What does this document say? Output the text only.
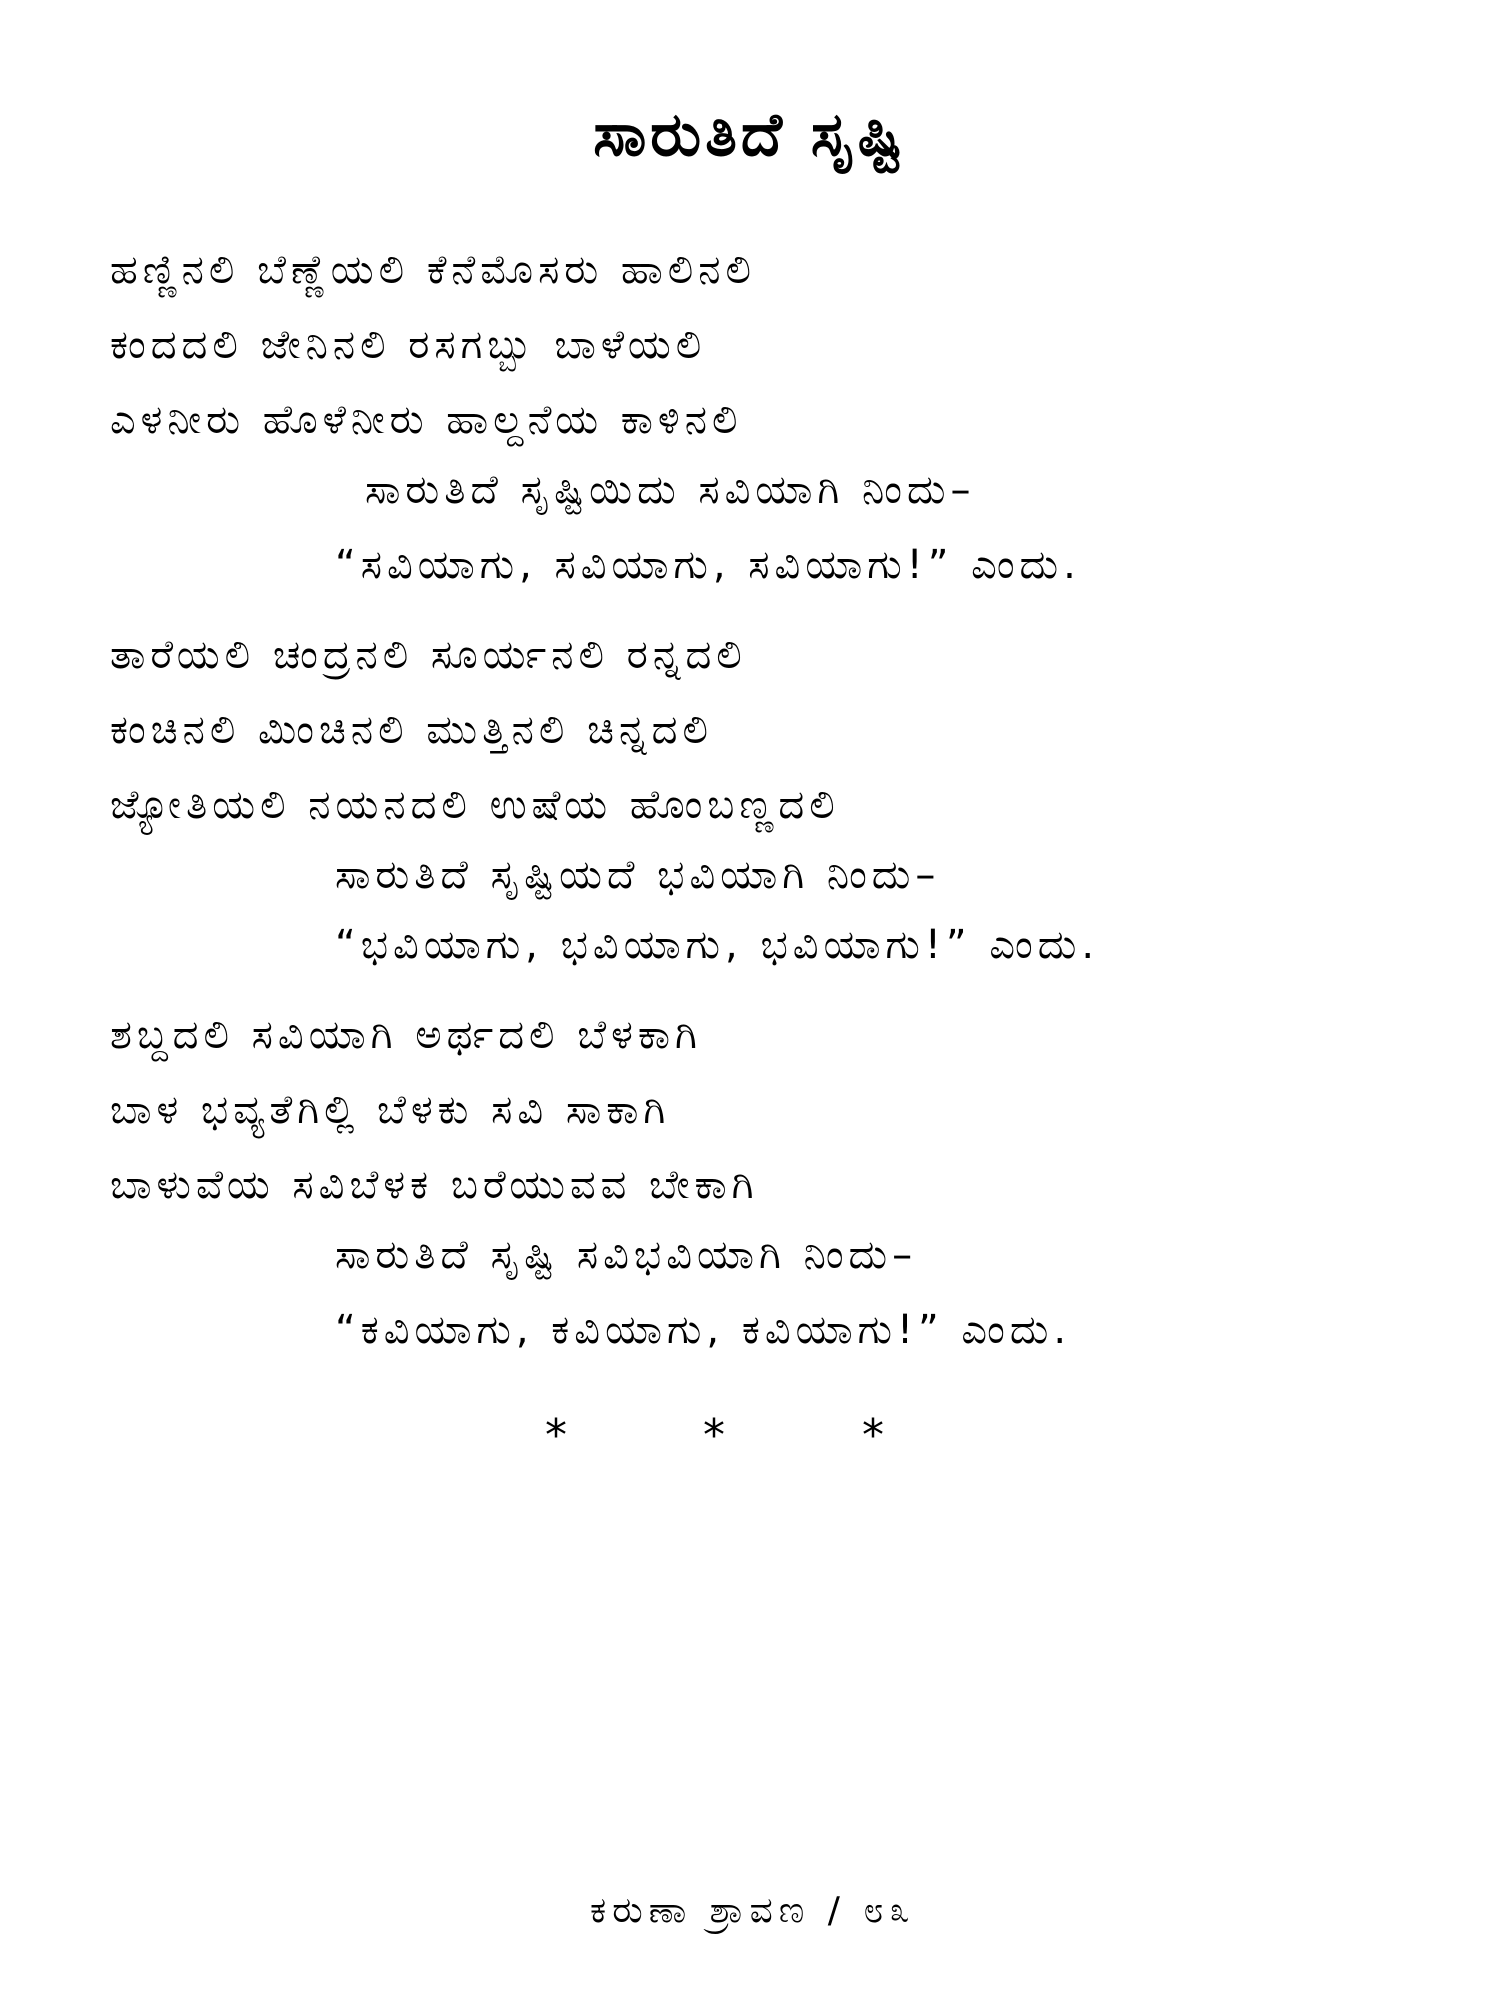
ಸಾರುತಿದೆ ಸೃಷ್ಟಿ
ಹಣ್ಣಿನಲಿ ಬೆಣ್ಣೆಯಲಿ ಕೆನೆಮೊಸರು ಹಾಲಿನಲಿ
ಕಂದದಲಿ ಜೇನಿನಲಿ ರಸಗಬ್ಬು ಬಾಳೆಯಲಿ
ಎಳನೀರು ಹೊಳೆನೀರು ಹಾಲ್ದನೆಯ ಕಾಳಿನಲಿ
ಸಾರುತಿದೆ ಸೃಷ್ಟಿಯಿದು ಸವಿಯಾಗಿ ನಿಂದು–
“ಸವಿಯಾಗು, ಸವಿಯಾಗು, ಸವಿಯಾಗು!” ಎಂದು.
ತಾರೆಯಲಿ ಚಂದ್ರನಲಿ ಸೂರ್ಯನಲಿ ರನ್ನದಲಿ
ಕಂಚಿನಲಿ ಮಿಂಚಿನಲಿ ಮುತ್ತಿನಲಿ ಚಿನ್ನದಲಿ
ಜ್ಯೋತಿಯಲಿ ನಯನದಲಿ ಉಷೆಯ ಹೊಂಬಣ್ಣದಲಿ
ಸಾರುತಿದೆ ಸೃಷ್ಟಿಯದೆ ಭವಿಯಾಗಿ ನಿಂದು–
“ಭವಿಯಾಗು, ಭವಿಯಾಗು, ಭವಿಯಾಗು!” ಎಂದು.
ಶಬ್ದದಲಿ ಸವಿಯಾಗಿ ಅರ್ಥದಲಿ ಬೆಳಕಾಗಿ
ಬಾಳ ಭವ್ಯತೆಗಿಲ್ಲಿ ಬೆಳಕು ಸವಿ ಸಾಕಾಗಿ
ಬಾಳುವೆಯ ಸವಿಬೆಳಕ ಬರೆಯುವವ ಬೇಕಾಗಿ
ಸಾರುತಿದೆ ಸೃಷ್ಟಿ ಸವಿಭವಿಯಾಗಿ ನಿಂದು–
“ಕವಿಯಾಗು, ಕವಿಯಾಗು, ಕವಿಯಾಗು!” ಎಂದು.
*	*	*
ಕರುಣಾ ಶ್ರಾವಣ / ೮೩
